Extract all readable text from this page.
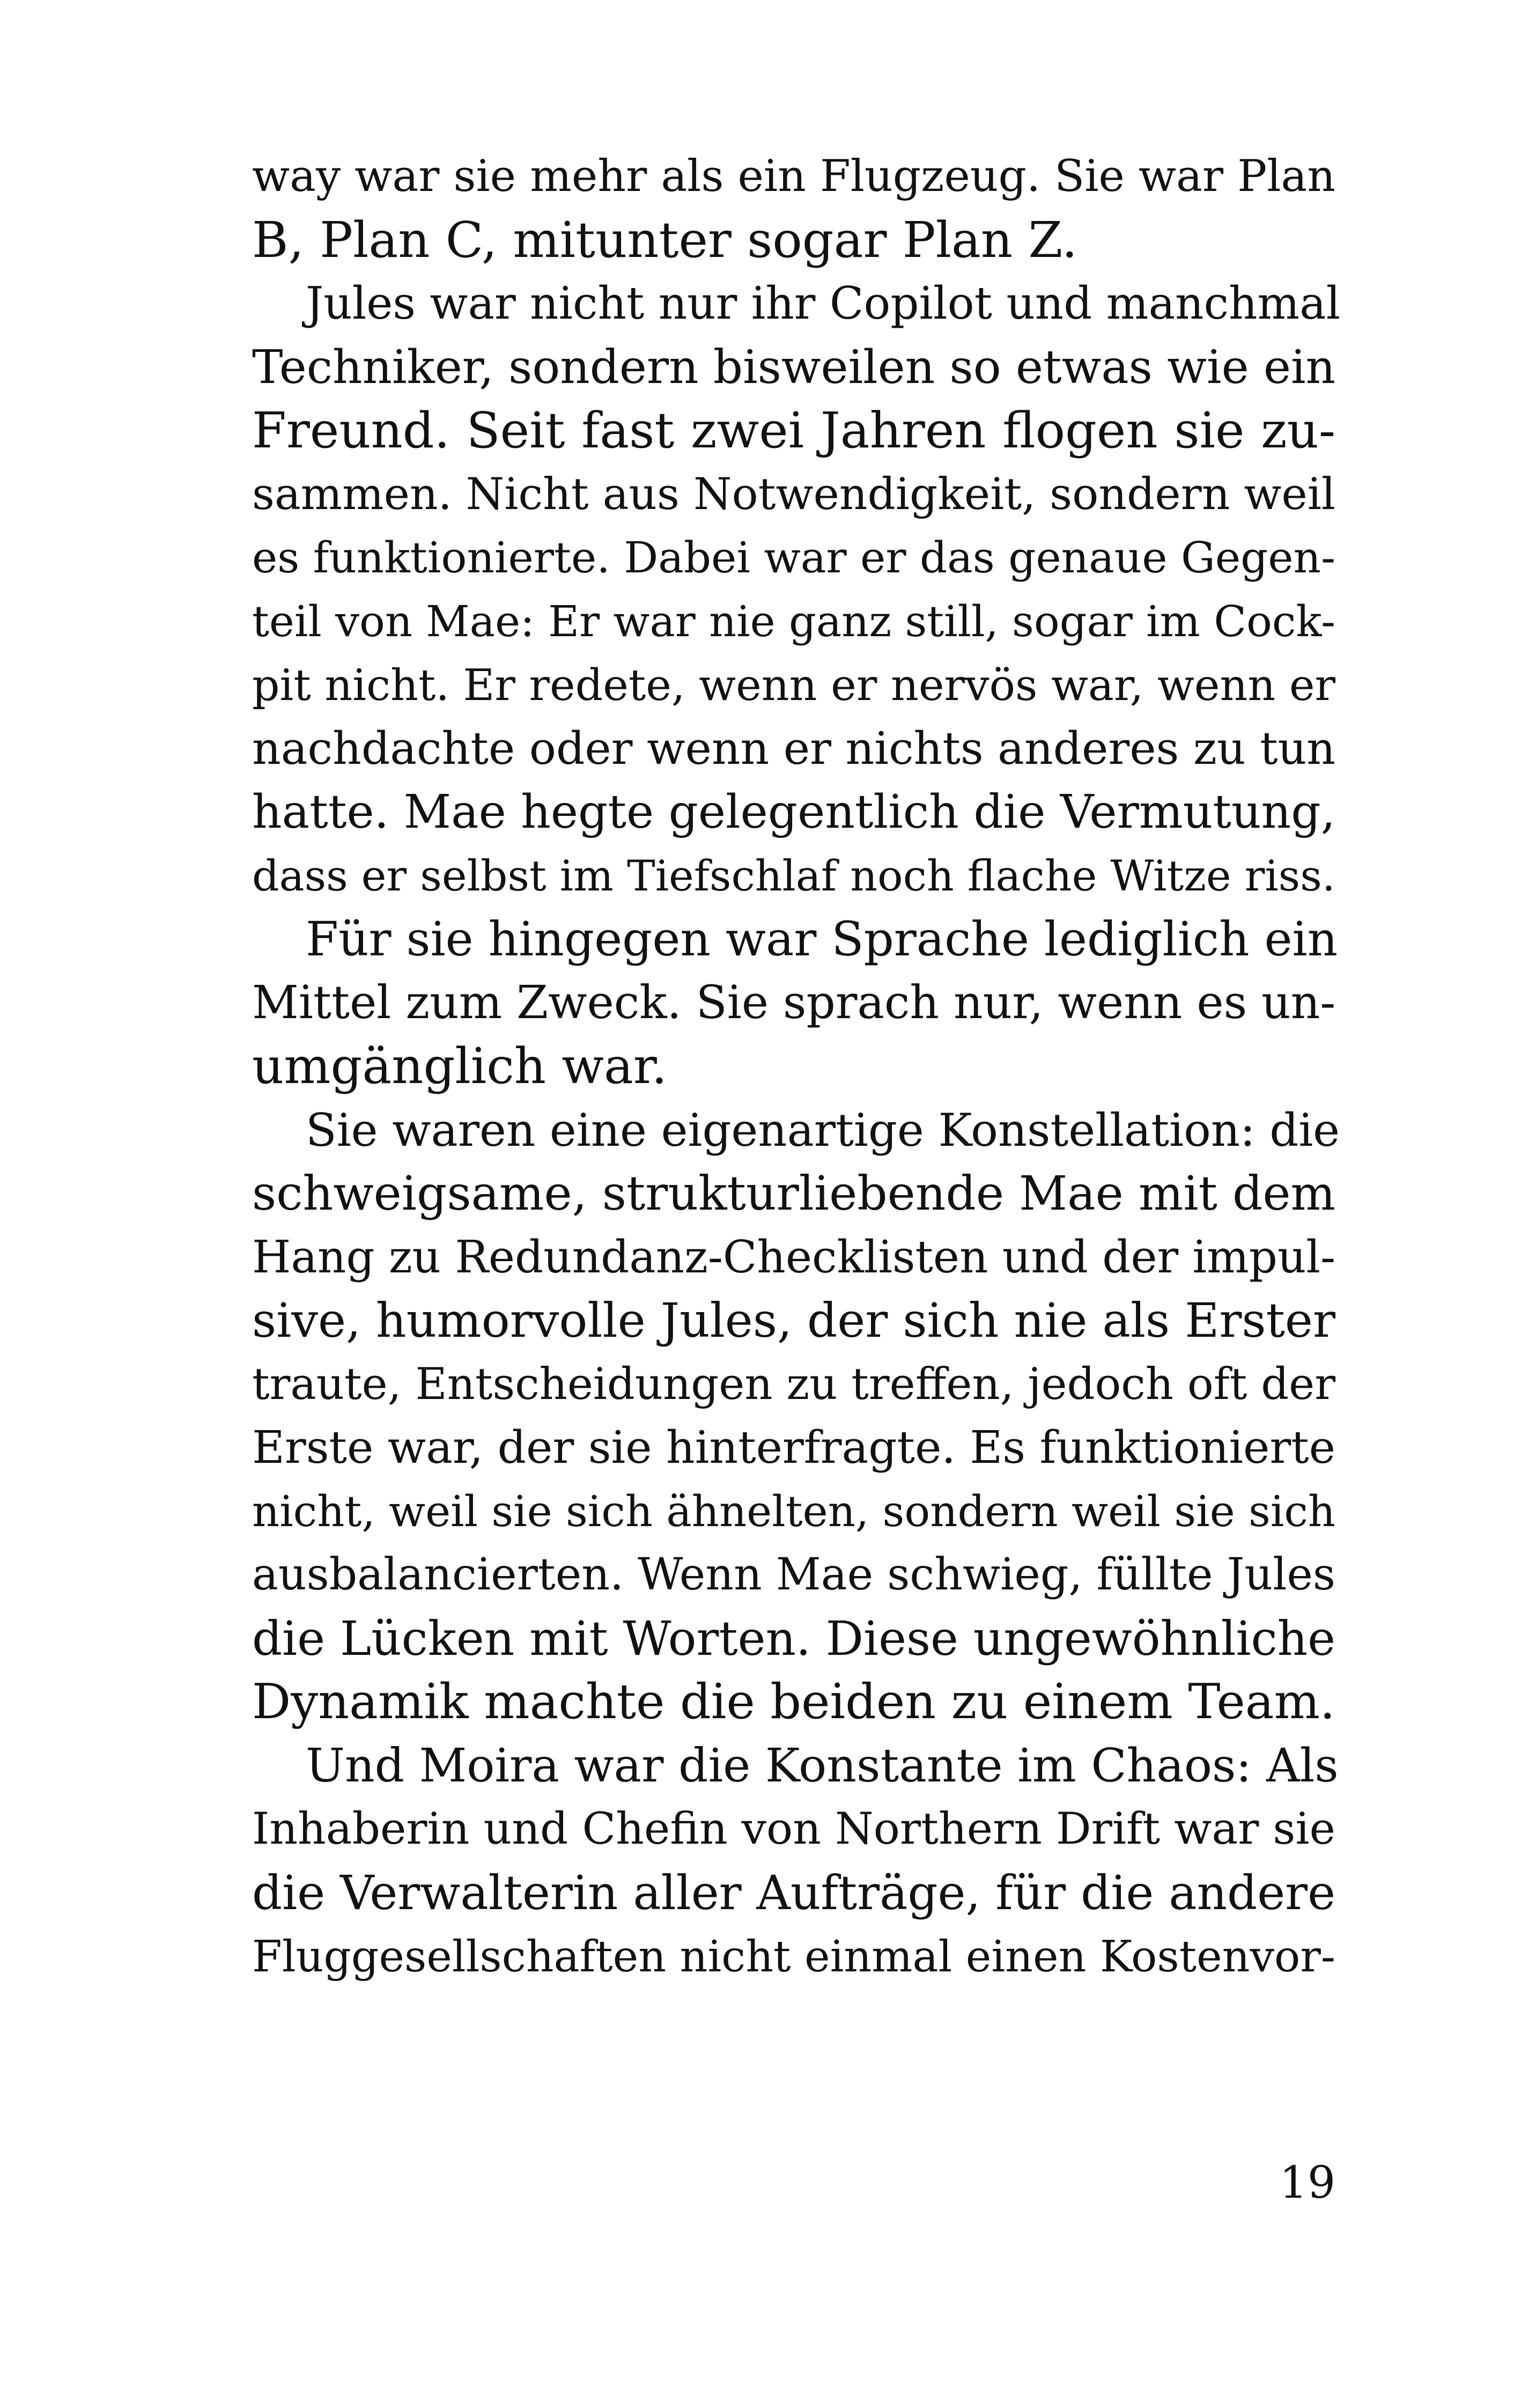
way war sie mehr als ein Flugzeug. Sie war Plan
B, Plan C, mitunter sogar Plan Z.
Jules war nicht nur ihr Copilot und manchmal
Techniker, sondern bisweilen so etwas wie ein
Freund. Seit fast zwei Jahren flogen sie zu-
sammen. Nicht aus Notwendigkeit, sondern weil
es funktionierte. Dabei war er das genaue Gegen-
teil von Mae: Er war nie ganz still, sogar im Cock-
pit nicht. Er redete, wenn er nervös war, wenn er
nachdachte oder wenn er nichts anderes zu tun
hatte. Mae hegte gelegentlich die Vermutung,
dass er selbst im Tiefschlaf noch flache Witze riss.
Für sie hingegen war Sprache lediglich ein
Mittel zum Zweck. Sie sprach nur, wenn es un-
umgänglich war.
Sie waren eine eigenartige Konstellation: die
schweigsame, strukturliebende Mae mit dem
Hang zu Redundanz-Checklisten und der impul-
sive, humorvolle Jules, der sich nie als Erster
traute, Entscheidungen zu treffen, jedoch oft der
Erste war, der sie hinterfragte. Es funktionierte
nicht, weil sie sich ähnelten, sondern weil sie sich
ausbalancierten. Wenn Mae schwieg, füllte Jules
die Lücken mit Worten. Diese ungewöhnliche
Dynamik machte die beiden zu einem Team.
Und Moira war die Konstante im Chaos: Als
Inhaberin und Chefin von Northern Drift war sie
die Verwalterin aller Aufträge, für die andere
Fluggesellschaften nicht einmal einen Kostenvor-
19
